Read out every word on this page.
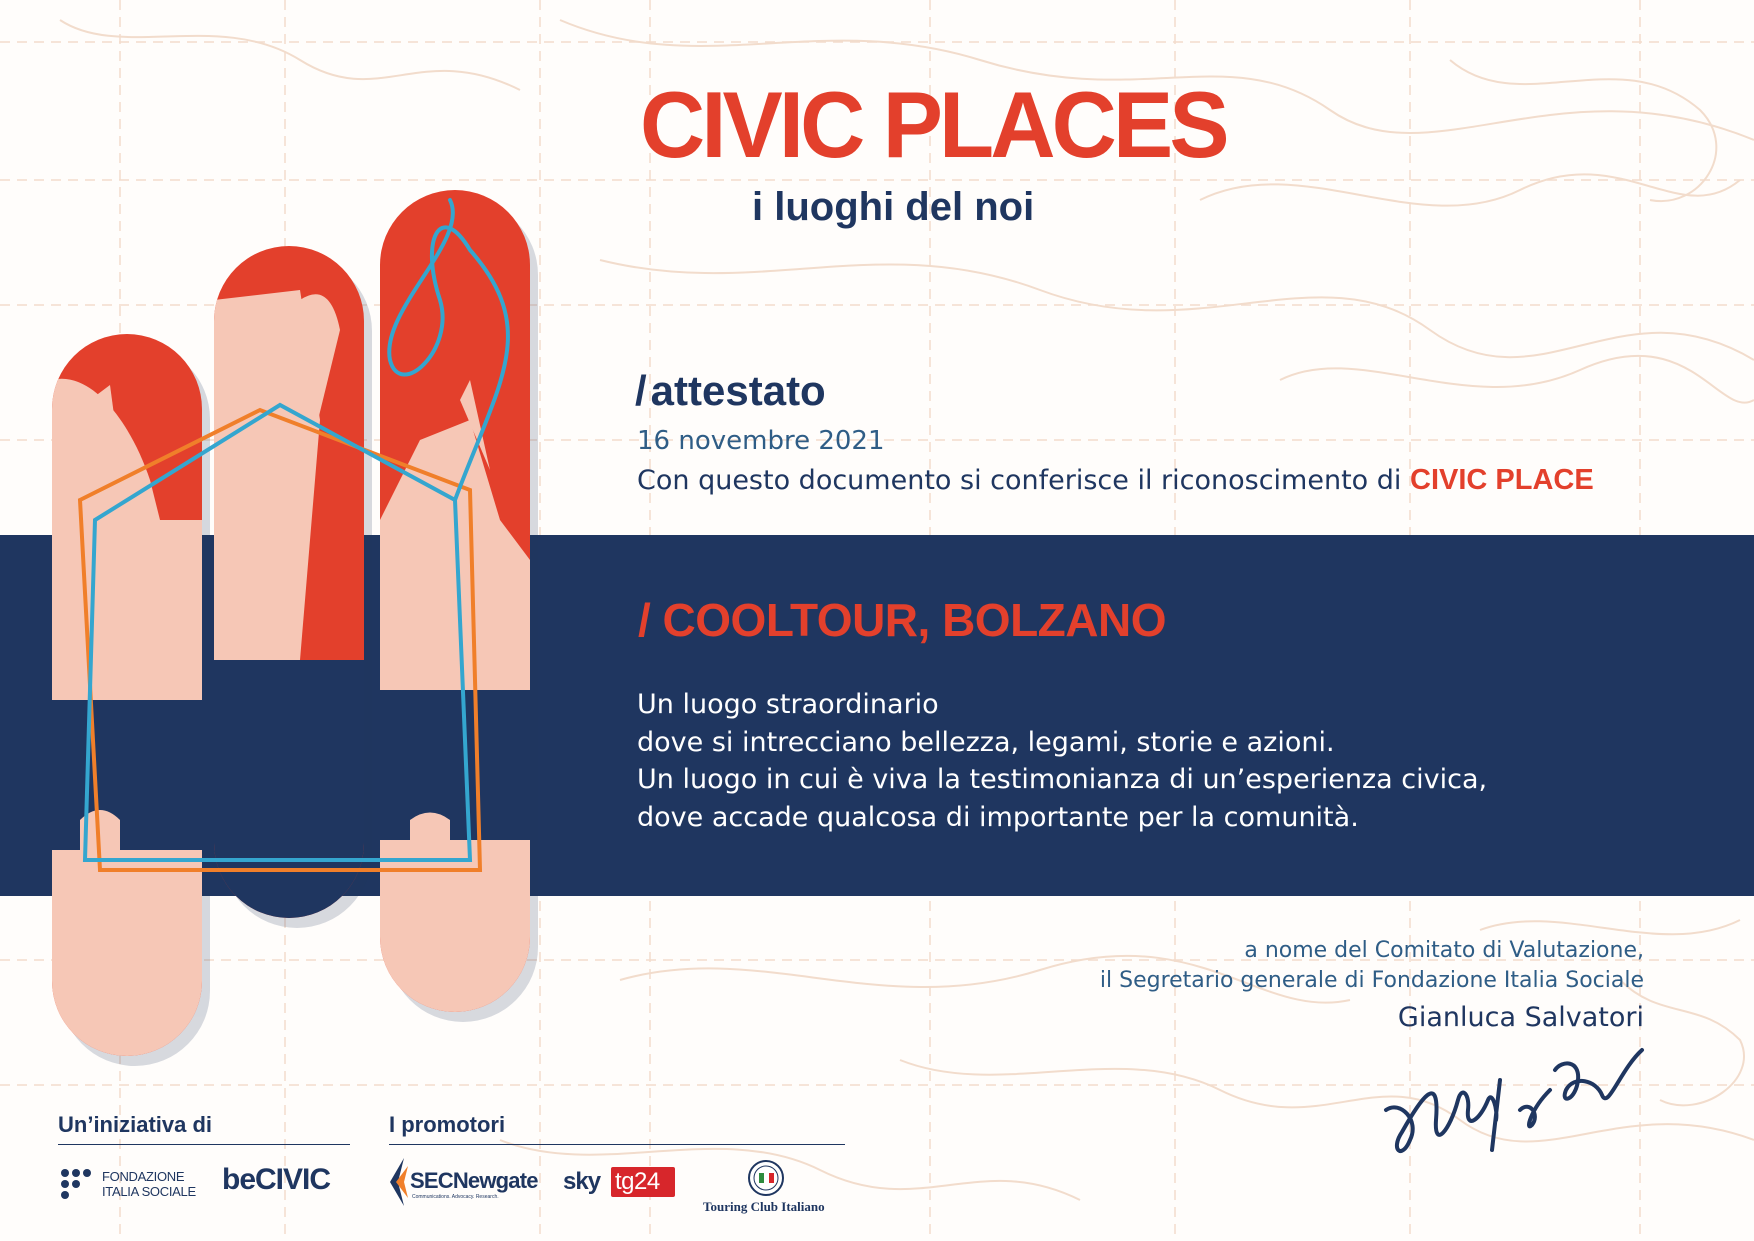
CIVIC PLACES
i luoghi del noi
/attestato
16 novembre 2021
Con questo documento si conferisce il riconoscimento di CIVIC PLACE
/ COOLTOUR, BOLZANO
Un luogo straordinario
dove si intrecciano bellezza, legami, storie e azioni.
Un luogo in cui è viva la testimonianza di un’esperienza civica,
dove accade qualcosa di importante per la comunità.
a nome del Comitato di Valutazione,
il Segretario generale di Fondazione Italia Sociale
Gianluca Salvatori
Un’iniziativa di	I promotori
FONDAZIONE
ITALIA SOCIALE beCIVIC	SECNewgate
Communications. Advocacy. Research.
sky tg24
Touring Club Italiano
